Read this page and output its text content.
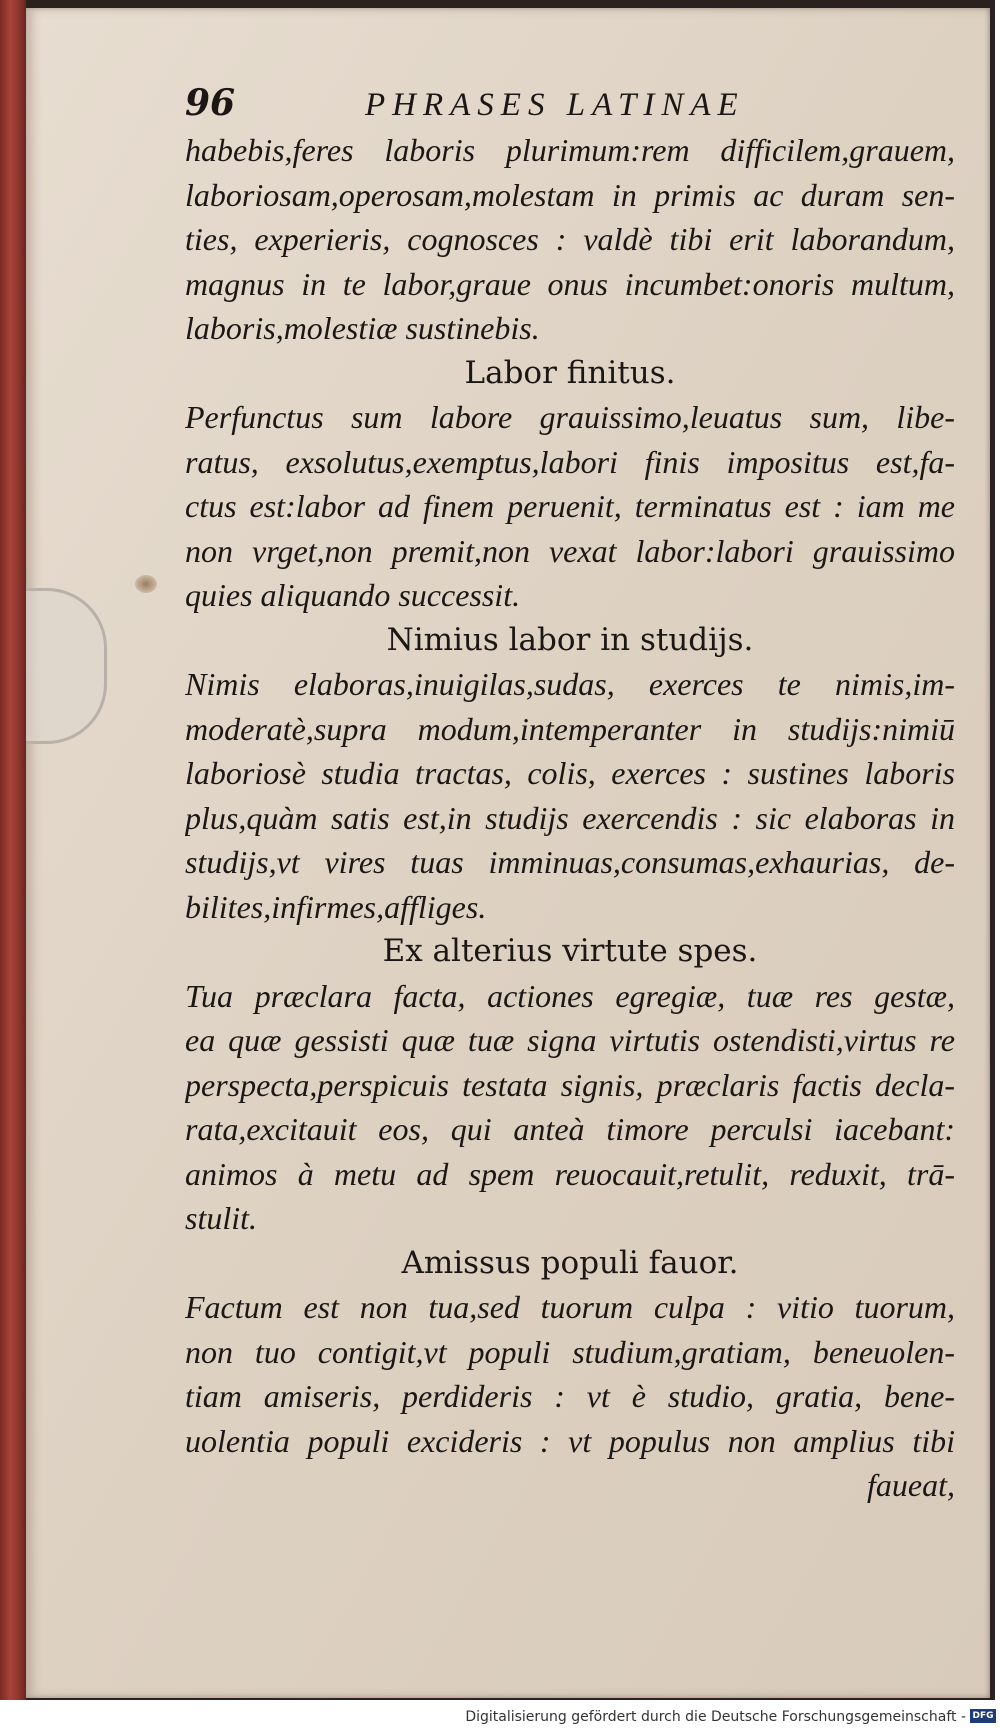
96	PHRASES LATINAE
habebis,feres laboris plurimum:rem difficilem,grauem,
laboriosam,operosam,molestam in primis ac duram sen-
ties, experieris, cognosces : valdè tibi erit laborandum,
magnus in te labor,graue onus incumbet:onoris multum,
laboris,molestiæ sustinebis.
Labor finitus.
Perfunctus sum labore grauissimo,leuatus sum, libe-
ratus, exsolutus,exemptus,labori finis impositus est,fa-
ctus est:labor ad finem peruenit, terminatus est : iam me
non vrget,non premit,non vexat labor:labori grauissimo
quies aliquando successit.
Nimius labor in studijs.
Nimis elaboras,inuigilas,sudas, exerces te nimis,im-
moderatè,supra modum,intemperanter in studijs:nimiū
laboriosè studia tractas, colis, exerces : sustines laboris
plus,quàm satis est,in studijs exercendis : sic elaboras in
studijs,vt vires tuas imminuas,consumas,exhaurias, de-
bilites,infirmes,affliges.
Ex alterius virtute spes.
Tua præclara facta, actiones egregiæ, tuæ res gestæ,
ea quæ gessisti quæ tuæ signa virtutis ostendisti,virtus re
perspecta,perspicuis testata signis, præclaris factis decla-
rata,excitauit eos, qui anteà timore perculsi iacebant:
animos à metu ad spem reuocauit,retulit, reduxit, trā-
stulit.
Amissus populi fauor.
Factum est non tua,sed tuorum culpa : vitio tuorum,
non tuo contigit,vt populi studium,gratiam, beneuolen-
tiam amiseris, perdideris : vt è studio, gratia, bene-
uolentia populi excideris : vt populus non amplius tibi
faueat,
Digitalisierung gefördert durch die Deutsche Forschungsgemeinschaft - DFG
